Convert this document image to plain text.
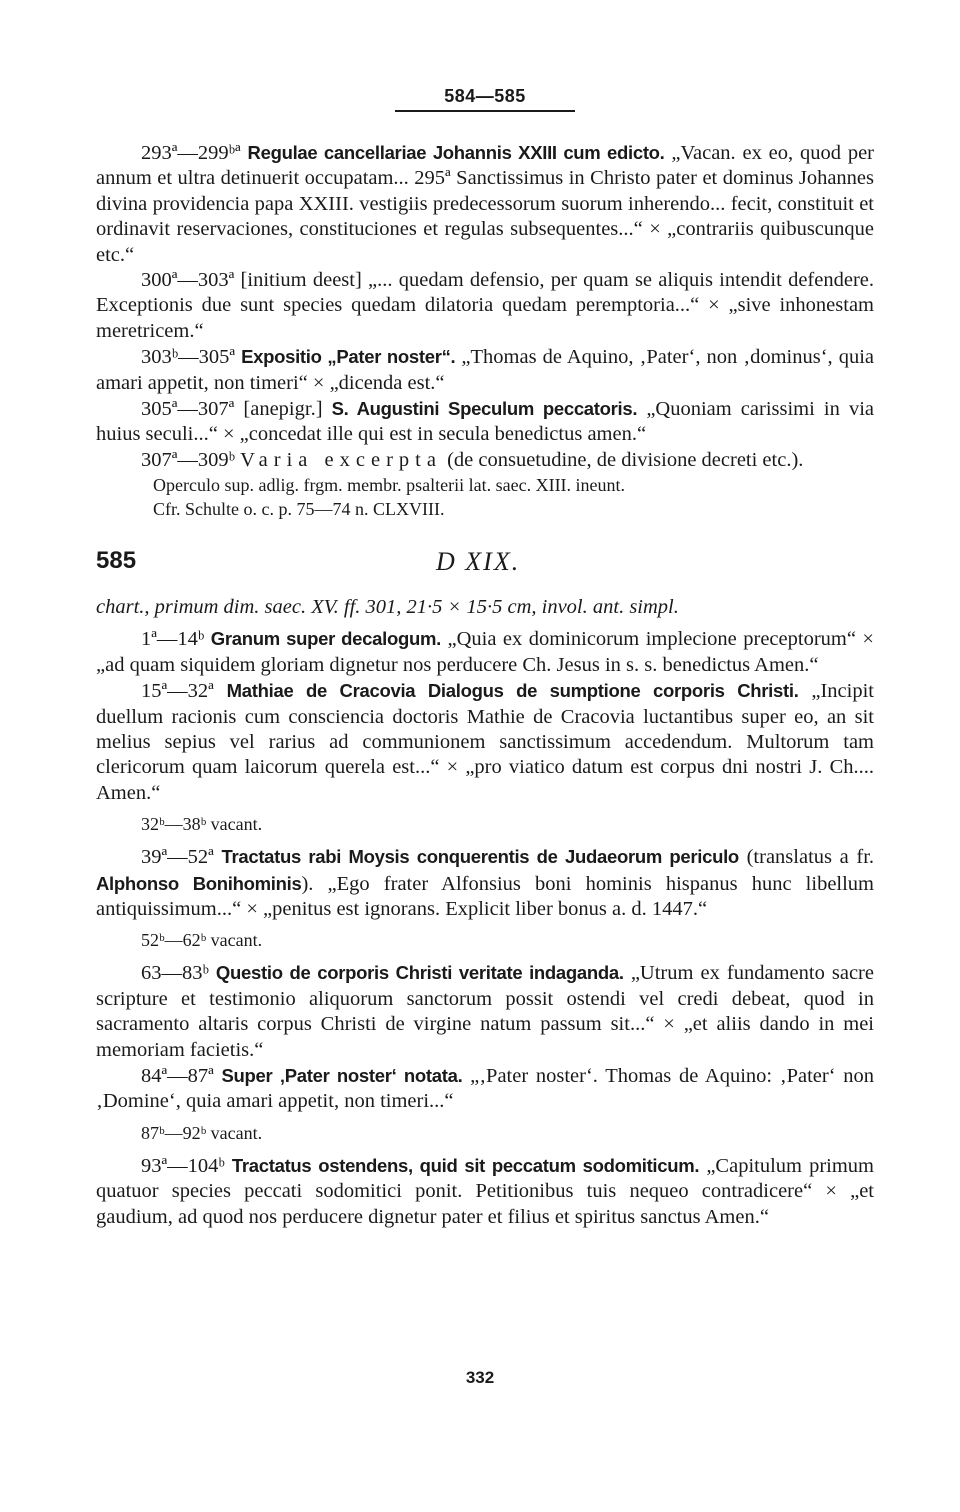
584—585

293ª—299ᵇª Regulae cancellariae Johannis XXIII cum edicto. „Vacan. ex eo, quod per annum et ultra detinuerit occupatam... 295ª Sanctissimus in Christo pater et dominus Johannes divina providencia papa XXIII. vestigiis predecessorum suorum inherendo... fecit, constituit et ordinavit reservaciones, constituciones et regulas subsequentes...“ × „contrariis quibuscunque etc.“

300ª—303ª [initium deest] „... quedam defensio, per quam se aliquis intendit defendere. Exceptionis due sunt species quedam dilatoria quedam peremptoria...“ × „sive inhonestam meretricem.“

303ᵇ—305ª Expositio „Pater noster“. „Thomas de Aquino, ‚Pater‘, non ‚dominus‘, quia amari appetit, non timeri“ × „dicenda est.“

305ª—307ª [anepigr.] S. Augustini Speculum peccatoris. „Quoniam carissimi in via huius seculi...“ × „concedat ille qui est in secula benedictus amen.“

307ª—309ᵇ Varia excerpta (de consuetudine, de divisione decreti etc.).

Operculo sup. adlig. frgm. membr. psalterii lat. saec. XIII. ineunt.
Cfr. Schulte o. c. p. 75—74 n. CLXVIII.
585	D XIX.
chart., primum dim. saec. XV. ff. 301, 21·5 × 15·5 cm, invol. ant. simpl.

1ª—14ᵇ Granum super decalogum. „Quia ex dominicorum implecione preceptorum“ × „ad quam siquidem gloriam dignetur nos perducere Ch. Jesus in s. s. benedictus Amen.“

15ª—32ª Mathiae de Cracovia Dialogus de sumptione corporis Christi. „Incipit duellum racionis cum consciencia doctoris Mathie de Cracovia luctantibus super eo, an sit melius sepius vel rarius ad communionem sanctissimum accedendum. Multorum tam clericorum quam laicorum querela est...“ × „pro viatico datum est corpus dni nostri J. Ch.... Amen.“

32ᵇ—38ᵇ vacant.

39ª—52ª Tractatus rabi Moysis conquerentis de Judaeorum periculo (translatus a fr. Alphonso Bonihominis). „Ego frater Alfonsius boni hominis hispanus hunc libellum antiquissimum...“ × „penitus est ignorans. Explicit liber bonus a. d. 1447.“

52ᵇ—62ᵇ vacant.

63—83ᵇ Questio de corporis Christi veritate indaganda. „Utrum ex fundamento sacre scripture et testimonio aliquorum sanctorum possit ostendi vel credi debeat, quod in sacramento altaris corpus Christi de virgine natum passum sit...“ × „et aliis dando in mei memoriam facietis.“

84ª—87ª Super ‚Pater noster‘ notata. „‚Pater noster‘. Thomas de Aquino: ‚Pater‘ non ‚Domine‘, quia amari appetit, non timeri...“

87ᵇ—92ᵇ vacant.

93ª—104ᵇ Tractatus ostendens, quid sit peccatum sodomiticum. „Capitulum primum quatuor species peccati sodomitici ponit. Petitionibus tuis nequeo contradicere“ × „et gaudium, ad quod nos perducere dignetur pater et filius et spiritus sanctus Amen.“

332
